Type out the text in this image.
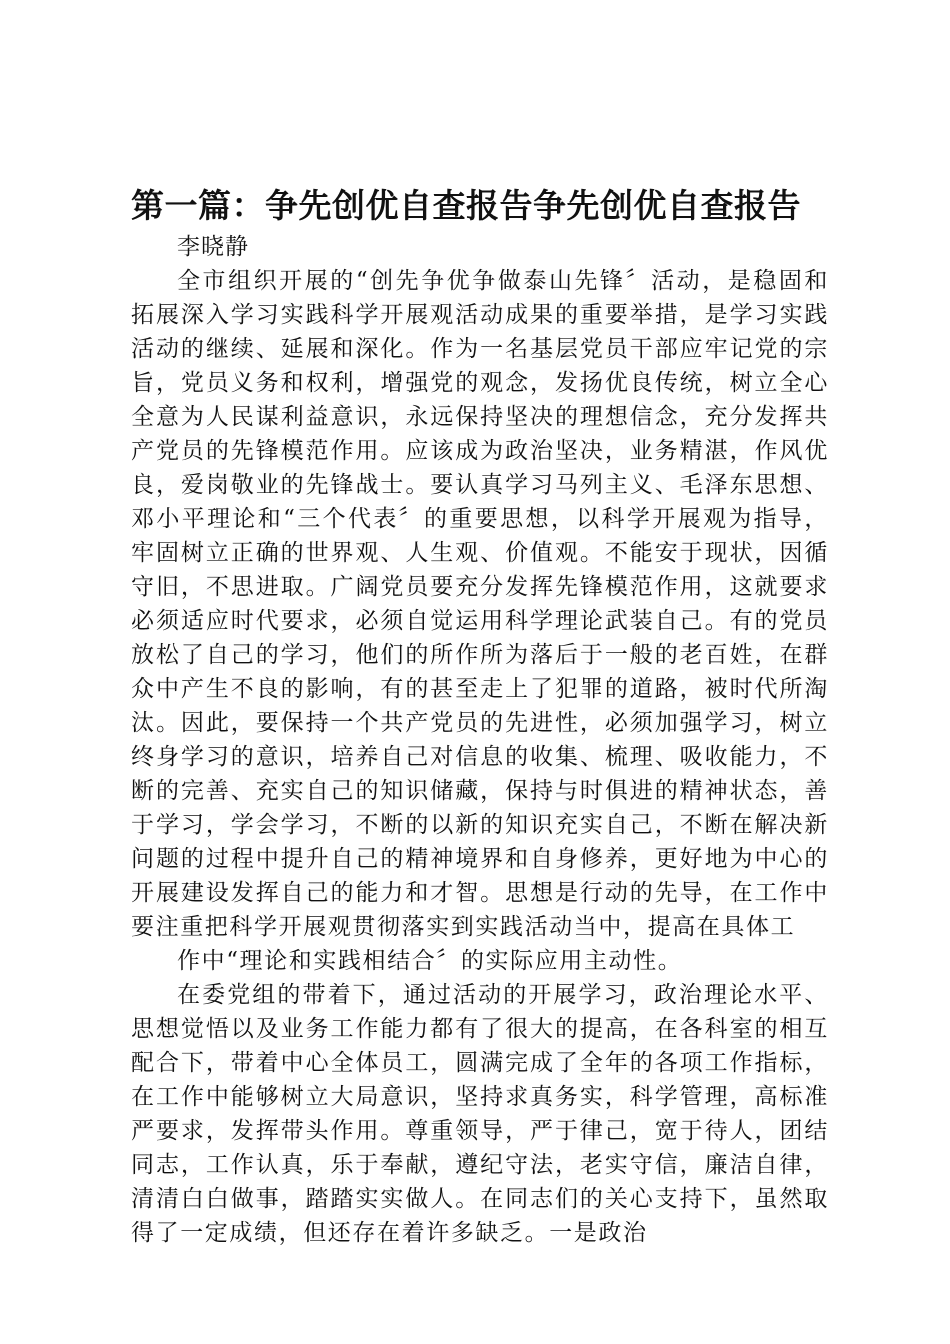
第一篇：争先创优自查报告争先创优自查报告

李晓静

全市组织开展的“创先争优争做泰山先锋〞活动，是稳固和拓展深入学习实践科学开展观活动成果的重要举措，是学习实践活动的继续、延展和深化。作为一名基层党员干部应牢记党的宗旨，党员义务和权利，增强党的观念，发扬优良传统，树立全心全意为人民谋利益意识，永远保持坚决的理想信念，充分发挥共产党员的先锋模范作用。应该成为政治坚决，业务精湛，作风优良，爱岗敬业的先锋战士。要认真学习马列主义、毛泽东思想、邓小平理论和“三个代表〞的重要思想，以科学开展观为指导，牢固树立正确的世界观、人生观、价值观。不能安于现状，因循守旧，不思进取。广阔党员要充分发挥先锋模范作用，这就要求必须适应时代要求，必须自觉运用科学理论武装自己。有的党员放松了自己的学习，他们的所作所为落后于一般的老百姓，在群众中产生不良的影响，有的甚至走上了犯罪的道路，被时代所淘汰。因此，要保持一个共产党员的先进性，必须加强学习，树立终身学习的意识，培养自己对信息的收集、梳理、吸收能力，不断的完善、充实自己的知识储藏，保持与时俱进的精神状态，善于学习，学会学习，不断的以新的知识充实自己，不断在解决新问题的过程中提升自己的精神境界和自身修养，更好地为中心的开展建设发挥自己的能力和才智。思想是行动的先导，在工作中要注重把科学开展观贯彻落实到实践活动当中，提高在具体工

作中“理论和实践相结合〞的实际应用主动性。

在委党组的带着下，通过活动的开展学习，政治理论水平、思想觉悟以及业务工作能力都有了很大的提高，在各科室的相互配合下，带着中心全体员工，圆满完成了全年的各项工作指标，在工作中能够树立大局意识，坚持求真务实，科学管理，高标准严要求，发挥带头作用。尊重领导，严于律己，宽于待人，团结同志，工作认真，乐于奉献，遵纪守法，老实守信，廉洁自律，清清白白做事，踏踏实实做人。在同志们的关心支持下，虽然取得了一定成绩，但还存在着许多缺乏。一是政治
